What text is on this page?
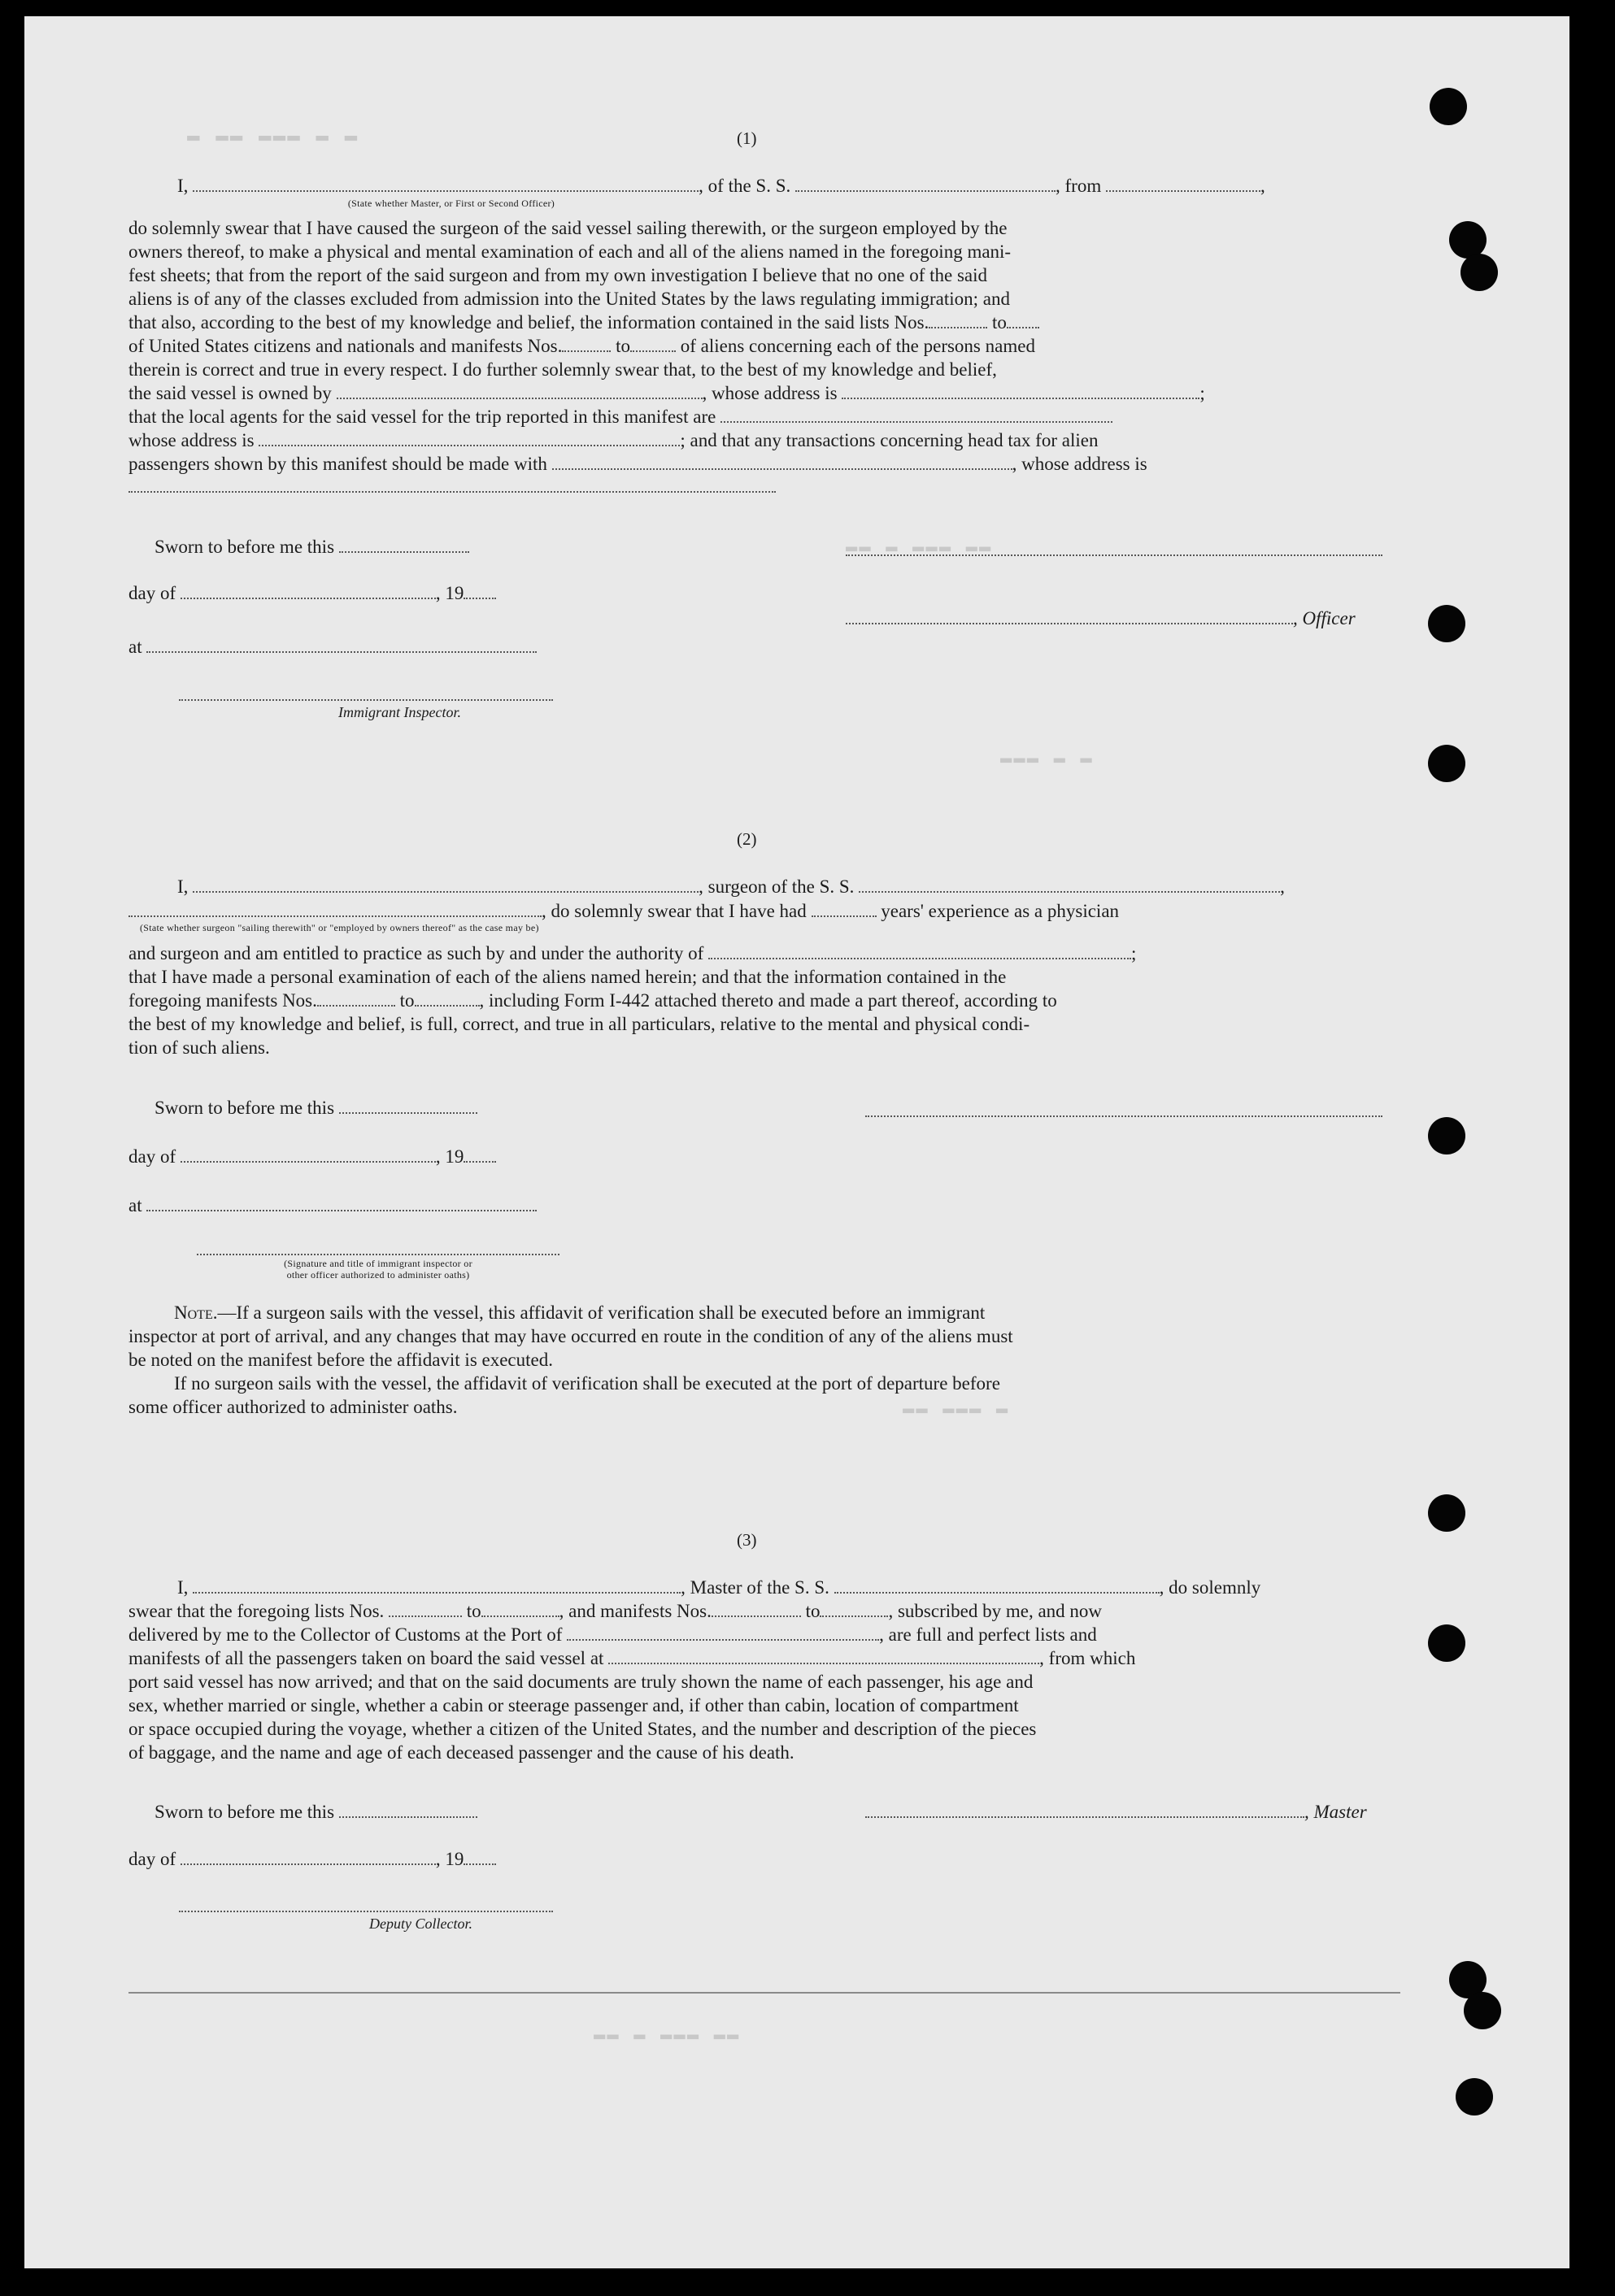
▬ ▬▬ ▬▬▬ ▬ ▬
▬▬ ▬ ▬▬▬ ▬▬
▬▬▬ ▬ ▬
▬▬ ▬▬▬ ▬
▬▬ ▬ ▬▬▬ ▬▬
(1)
I,	, of the S. S.	, from	,
(State whether Master, or First or Second Officer)
do solemnly swear that I have caused the surgeon of the said vessel sailing therewith, or the surgeon employed by the
owners thereof, to make a physical and mental examination of each and all of the aliens named in the foregoing mani-
fest sheets; that from the report of the said surgeon and from my own investigation I believe that no one of the said
aliens is of any of the classes excluded from admission into the United States by the laws regulating immigration; and
that also, according to the best of my knowledge and belief, the information contained in the said lists Nos.	to
of United States citizens and nationals and manifests Nos.	to	of aliens concerning each of the persons named
therein is correct and true in every respect. I do further solemnly swear that, to the best of my knowledge and belief,
the said vessel is owned by	, whose address is	;
that the local agents for the said vessel for the trip reported in this manifest are
whose address is	; and that any transactions concerning head tax for alien
passengers shown by this manifest should be made with	, whose address is
Sworn to before me this
day of	, 19
, Officer
at
Immigrant Inspector.
(2)
I,	, surgeon of the S. S.	,
, do solemnly swear that I have had	years' experience as a physician
(State whether surgeon "sailing therewith" or "employed by owners thereof" as the case may be)
and surgeon and am entitled to practice as such by and under the authority of	;
that I have made a personal examination of each of the aliens named herein; and that the information contained in the
foregoing manifests Nos.	to	, including Form I-442 attached thereto and made a part thereof, according to
the best of my knowledge and belief, is full, correct, and true in all particulars, relative to the mental and physical condi-
tion of such aliens.
Sworn to before me this
day of	, 19
at
(Signature and title of immigrant inspector or
other officer authorized to administer oaths)
Note.—If a surgeon sails with the vessel, this affidavit of verification shall be executed before an immigrant
inspector at port of arrival, and any changes that may have occurred en route in the condition of any of the aliens must
be noted on the manifest before the affidavit is executed.
If no surgeon sails with the vessel, the affidavit of verification shall be executed at the port of departure before
some officer authorized to administer oaths.
(3)
I,	, Master of the S. S.	, do solemnly
swear that the foregoing lists Nos.	to	, and manifests Nos.	to	, subscribed by me, and now
delivered by me to the Collector of Customs at the Port of	, are full and perfect lists and
manifests of all the passengers taken on board the said vessel at	, from which
port said vessel has now arrived; and that on the said documents are truly shown the name of each passenger, his age and
sex, whether married or single, whether a cabin or steerage passenger and, if other than cabin, location of compartment
or space occupied during the voyage, whether a citizen of the United States, and the number and description of the pieces
of baggage, and the name and age of each deceased passenger and the cause of his death.
Sworn to before me this	, Master
day of	, 19
Deputy Collector.
